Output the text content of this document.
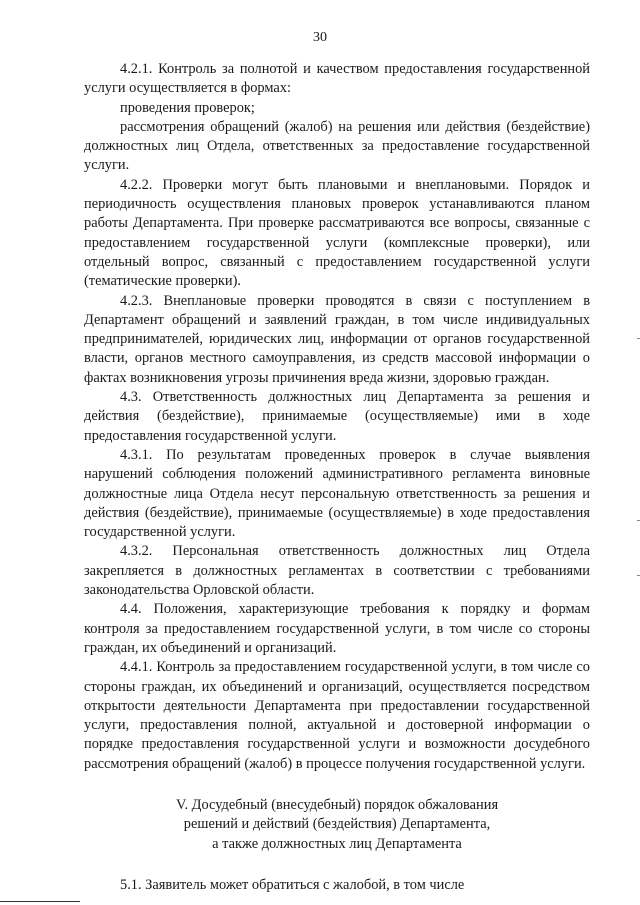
30

4.2.1. Контроль за полнотой и качеством предоставления государственной услуги осуществляется в формах:

проведения проверок;

рассмотрения обращений (жалоб) на решения или действия (бездействие) должностных лиц Отдела, ответственных за предоставление государственной услуги.

4.2.2. Проверки могут быть плановыми и внеплановыми. Порядок и периодичность осуществления плановых проверок устанавливаются планом работы Департамента. При проверке рассматриваются все вопросы, связанные с предоставлением государственной услуги (комплексные проверки), или отдельный вопрос, связанный с предоставлением государственной услуги (тематические проверки).

4.2.3. Внеплановые проверки проводятся в связи с поступлением в Департамент обращений и заявлений граждан, в том числе индивидуальных предпринимателей, юридических лиц, информации от органов государственной власти, органов местного самоуправления, из средств массовой информации о фактах возникновения угрозы причинения вреда жизни, здоровью граждан.

4.3. Ответственность должностных лиц Департамента за решения и действия (бездействие), принимаемые (осуществляемые) ими в ходе предоставления государственной услуги.

4.3.1. По результатам проведенных проверок в случае выявления нарушений соблюдения положений административного регламента виновные должностные лица Отдела несут персональную ответственность за решения и действия (бездействие), принимаемые (осуществляемые) в ходе предоставления государственной услуги.

4.3.2. Персональная ответственность должностных лиц Отдела закрепляется в должностных регламентах в соответствии с требованиями законодательства Орловской области.

4.4. Положения, характеризующие требования к порядку и формам контроля за предоставлением государственной услуги, в том числе со стороны граждан, их объединений и организаций.

4.4.1. Контроль за предоставлением государственной услуги, в том числе со стороны граждан, их объединений и организаций, осуществляется посредством открытости деятельности Департамента при предоставлении государственной услуги, предоставления полной, актуальной и достоверной информации о порядке предоставления государственной услуги и возможности досудебного рассмотрения обращений (жалоб) в процессе получения государственной услуги.

V. Досудебный (внесудебный) порядок обжалования
решений и действий (бездействия) Департамента,
а также должностных лиц Департамента

5.1. Заявитель может обратиться с жалобой, в том числе
